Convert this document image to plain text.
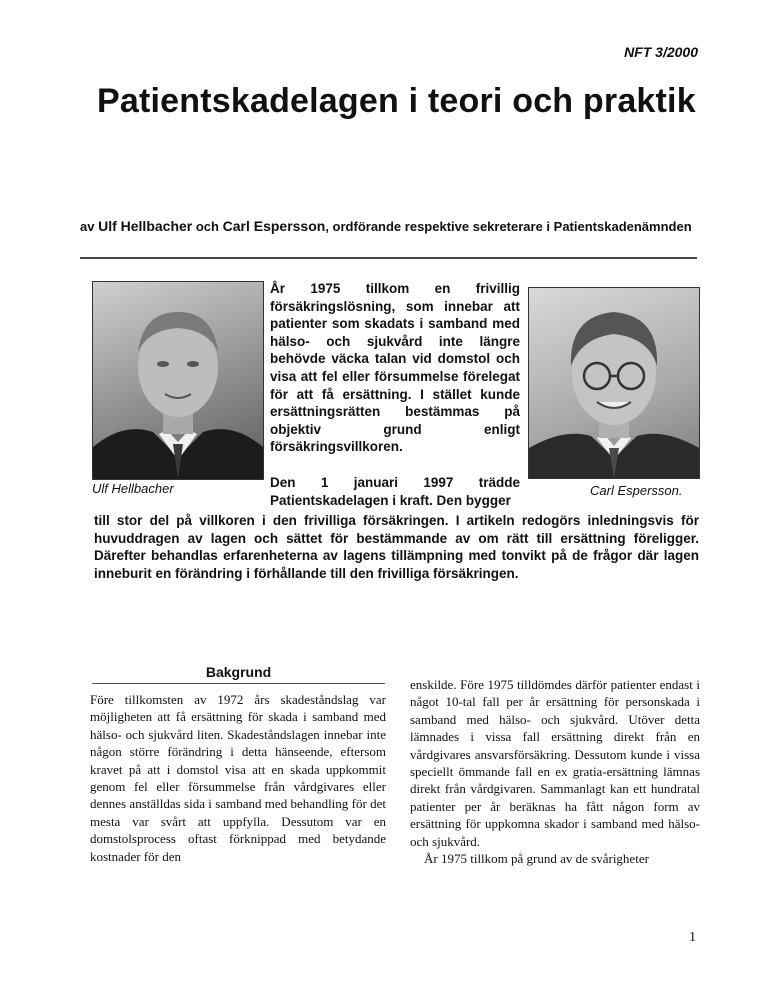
NFT 3/2000
Patientskadelagen i teori och praktik
av Ulf Hellbacher och Carl Espersson, ordförande respektive sekreterare i Patientskadenämnden
Ulf Hellbacher	Carl Espersson.
År 1975 tillkom en frivillig försäkringslösning, som innebar att patienter som skadats i samband med hälso- och sjukvård inte längre behövde väcka talan vid domstol och visa att fel eller försummelse förelegat för att få ersättning. I stället kunde ersättningsrätten bestämmas på objektiv grund enligt försäkringsvillkoren.
Den 1 januari 1997 trädde Patientskadelagen i kraft. Den bygger
till stor del på villkoren i den frivilliga försäkringen. I artikeln redogörs inledningsvis för huvuddragen av lagen och sättet för bestämmande av om rätt till ersättning föreligger. Därefter behandlas erfarenheterna av lagens tillämpning med tonvikt på de frågor där lagen inneburit en förändring i förhållande till den frivilliga försäkringen.
Bakgrund
Före tillkomsten av 1972 års skadeståndslag var möjligheten att få ersättning för skada i samband med hälso- och sjukvård liten. Skadeståndslagen innebar inte någon större förändring i detta hänseende, eftersom kravet på att i domstol visa att en skada uppkommit genom fel eller försummelse från vårdgivares eller dennes anställdas sida i samband med behandling för det mesta var svårt att uppfylla. Dessutom var en domstolsprocess oftast förknippad med betydande kostnader för den
enskilde. Före 1975 tilldömdes därför patienter endast i något 10-tal fall per år ersättning för personskada i samband med hälso- och sjukvård. Utöver detta lämnades i vissa fall ersättning direkt från en vårdgivares ansvarsförsäkring. Dessutom kunde i vissa speciellt ömmande fall en ex gratia-ersättning lämnas direkt från vårdgivaren. Sammanlagt kan ett hundratal patienter per år beräknas ha fått någon form av ersättning för uppkomna skador i samband med hälso- och sjukvård.
År 1975 tillkom på grund av de svårigheter
1
